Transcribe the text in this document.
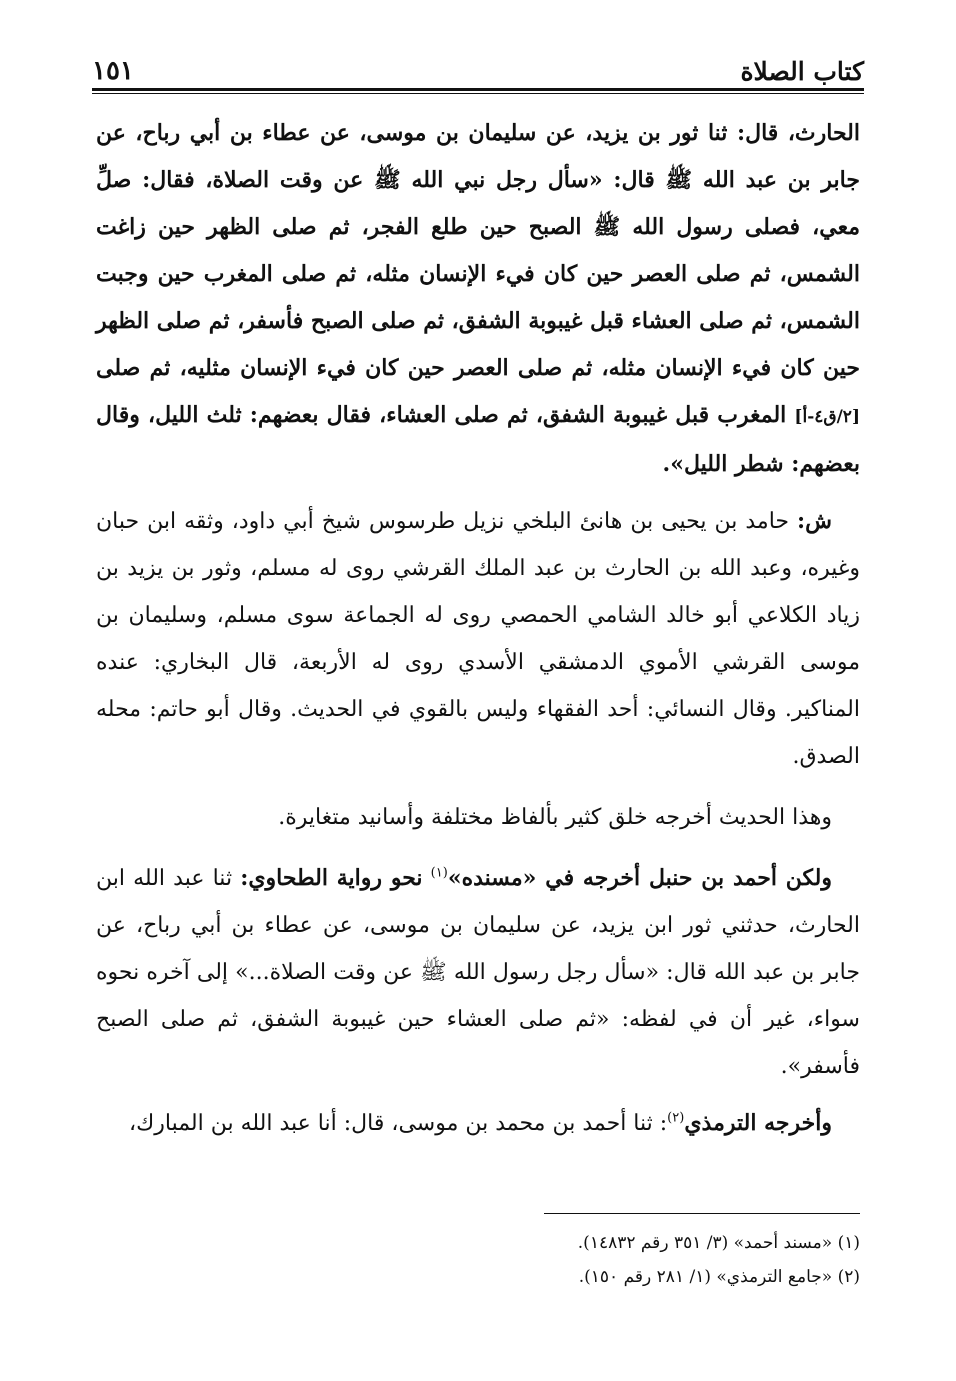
كتاب الصلاة
١٥١

الحارث، قال: ثنا ثور بن يزيد، عن سليمان بن موسى، عن عطاء بن أبي رباح، عن جابر بن عبد الله ﷺ قال: «سأل رجل نبي الله ﷺ عن وقت الصلاة، فقال: صلِّ معي، فصلى رسول الله ﷺ الصبح حين طلع الفجر، ثم صلى الظهر حين زاغت الشمس، ثم صلى العصر حين كان فيء الإنسان مثله، ثم صلى المغرب حين وجبت الشمس، ثم صلى العشاء قبل غيبوبة الشفق، ثم صلى الصبح فأسفر، ثم صلى الظهر حين كان فيء الإنسان مثله، ثم صلى العصر حين كان فيء الإنسان مثليه، ثم صلى [٢/ق٤-أ] المغرب قبل غيبوبة الشفق، ثم صلى العشاء، فقال بعضهم: ثلث الليل، وقال بعضهم: شطر الليل».

ش: حامد بن يحيى بن هانئ البلخي نزيل طرسوس شيخ أبي داود، وثقه ابن حبان وغيره، وعبد الله بن الحارث بن عبد الملك القرشي روى له مسلم، وثور بن يزيد بن زياد الكلاعي أبو خالد الشامي الحمصي روى له الجماعة سوى مسلم، وسليمان بن موسى القرشي الأموي الدمشقي الأسدي روى له الأربعة، قال البخاري: عنده المناكير. وقال النسائي: أحد الفقهاء وليس بالقوي في الحديث. وقال أبو حاتم: محله الصدق.

وهذا الحديث أخرجه خلق كثير بألفاظ مختلفة وأسانيد متغايرة.

ولكن أحمد بن حنبل أخرجه في «مسنده»$^{(١)}$ نحو رواية الطحاوي: ثنا عبد الله ابن الحارث، حدثني ثور ابن يزيد، عن سليمان بن موسى، عن عطاء بن أبي رباح، عن جابر بن عبد الله قال: «سأل رجل رسول الله ﷺ عن وقت الصلاة...» إلى آخره نحوه سواء، غير أن في لفظه: «ثم صلى العشاء حين غيبوبة الشفق، ثم صلى الصبح فأسفر».

وأخرجه الترمذي$^{(٢)}$: ثنا أحمد بن محمد بن موسى، قال: أنا عبد الله بن المبارك،

(١) «مسند أحمد» (٣/ ٣٥١ رقم ١٤٨٣٢).

(٢) «جامع الترمذي» (١/ ٢٨١ رقم ١٥٠).
